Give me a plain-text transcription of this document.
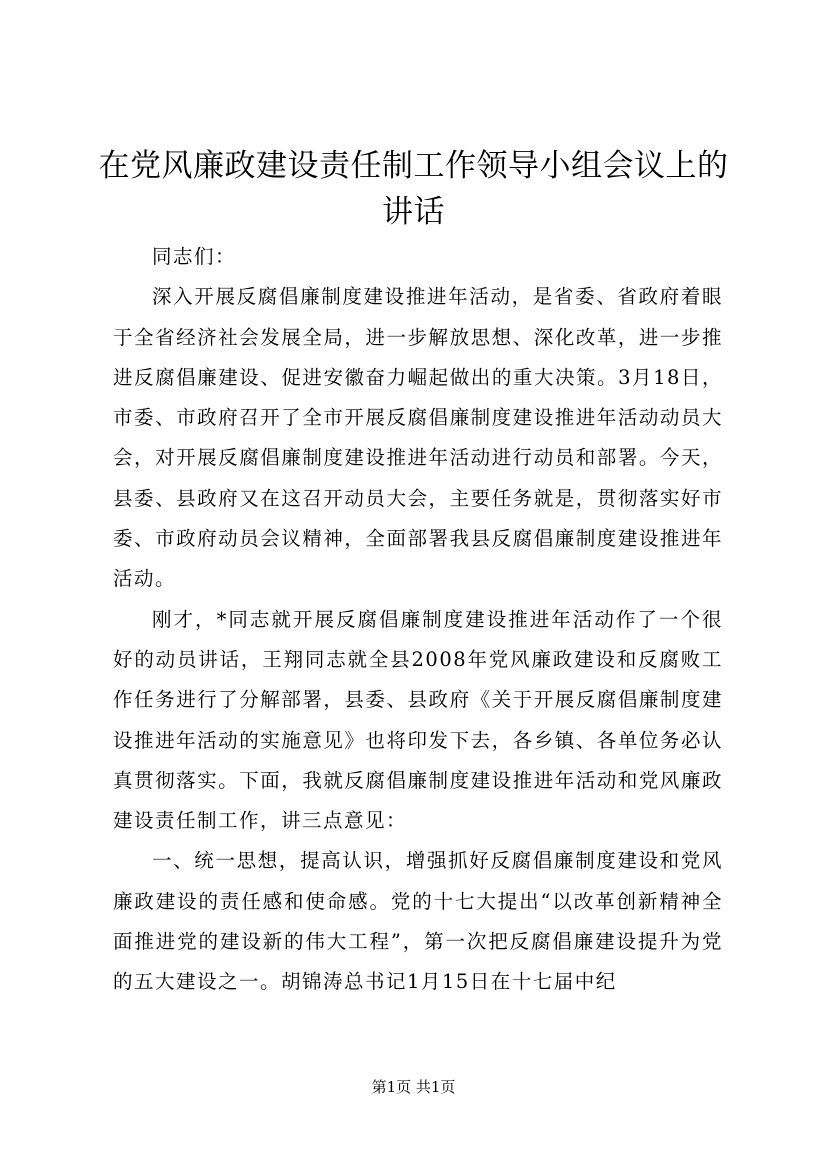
在党风廉政建设责任制工作领导小组会议上的讲话

同志们：

深入开展反腐倡廉制度建设推进年活动，是省委、省政府着眼于全省经济社会发展全局，进一步解放思想、深化改革，进一步推进反腐倡廉建设、促进安徽奋力崛起做出的重大决策。3月18日，市委、市政府召开了全市开展反腐倡廉制度建设推进年活动动员大会，对开展反腐倡廉制度建设推进年活动进行动员和部署。今天，县委、县政府又在这召开动员大会，主要任务就是，贯彻落实好市委、市政府动员会议精神，全面部署我县反腐倡廉制度建设推进年活动。

刚才，*同志就开展反腐倡廉制度建设推进年活动作了一个很好的动员讲话，王翔同志就全县2008年党风廉政建设和反腐败工作任务进行了分解部署，县委、县政府《关于开展反腐倡廉制度建设推进年活动的实施意见》也将印发下去，各乡镇、各单位务必认真贯彻落实。下面，我就反腐倡廉制度建设推进年活动和党风廉政建设责任制工作，讲三点意见：

一、统一思想，提高认识，增强抓好反腐倡廉制度建设和党风廉政建设的责任感和使命感。党的十七大提出“以改革创新精神全面推进党的建设新的伟大工程”，第一次把反腐倡廉建设提升为党的五大建设之一。胡锦涛总书记1月15日在十七届中纪

第1页 共1页
